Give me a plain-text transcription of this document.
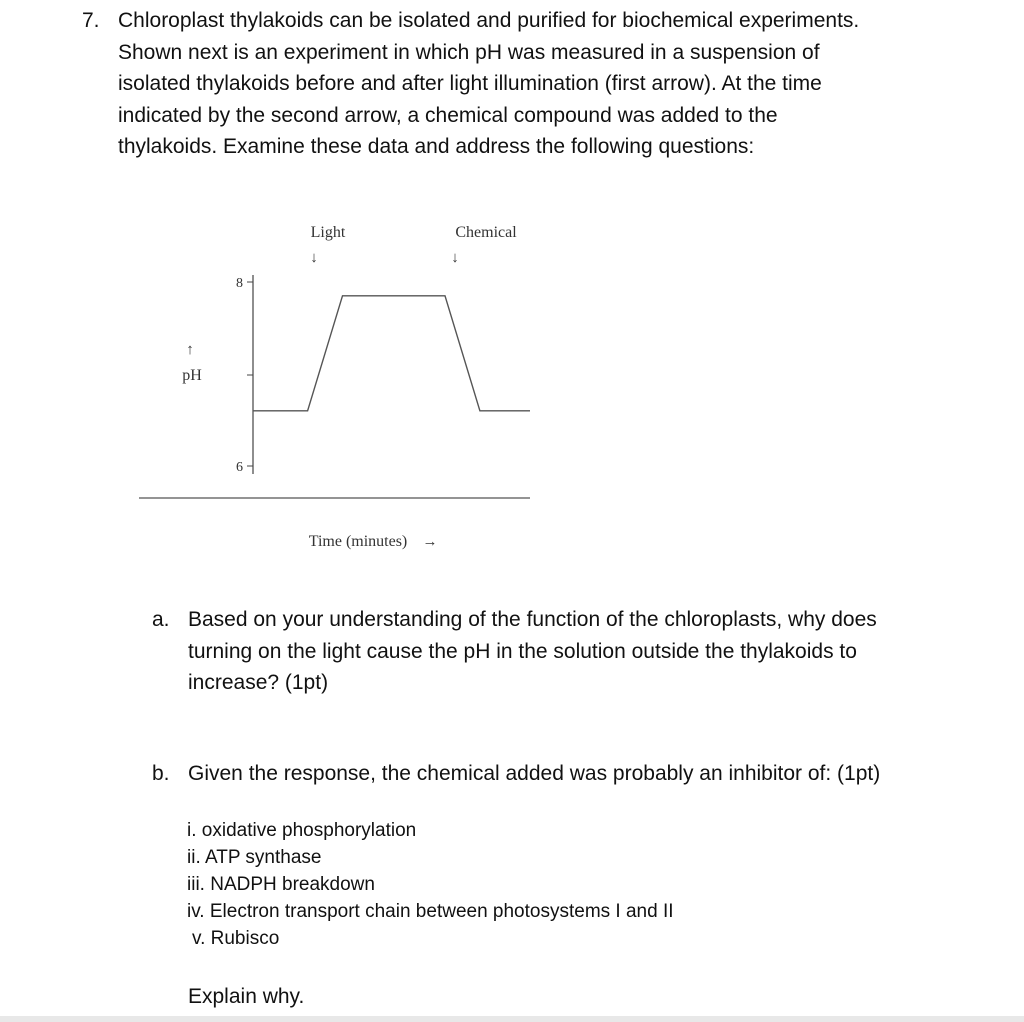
7. Chloroplast thylakoids can be isolated and purified for biochemical experiments.
Shown next is an experiment in which pH was measured in a suspension of
isolated thylakoids before and after light illumination (first arrow). At the time
indicated by the second arrow, a chemical compound was added to the
thylakoids. Examine these data and address the following questions:
Light
↓
Chemical
↓
↑
pH
8
6
Time (minutes) →
a. Based on your understanding of the function of the chloroplasts, why does
turning on the light cause the pH in the solution outside the thylakoids to
increase? (1pt)
b. Given the response, the chemical added was probably an inhibitor of: (1pt)
i. oxidative phosphorylation
ii. ATP synthase
iii. NADPH breakdown
iv. Electron transport chain between photosystems I and II
v. Rubisco
Explain why.
